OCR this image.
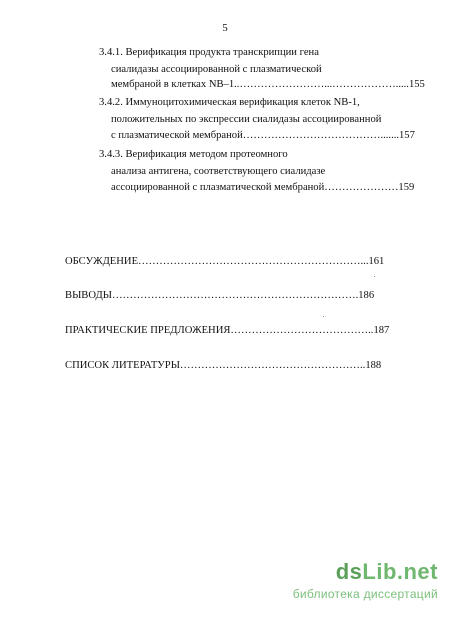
5
3.4.1. Верификация продукта транскрипции гена
сиалидазы ассоциированной с плазматической
мембраной в клетках NB–1..……………………...……………….....155
3.4.2. Иммуноцитохимическая верификация клеток NB-1,
положительных по экспрессии сиалидазы ассоциированной
с плазматической мембраной………………………………….......157
3.4.3. Верификация методом протеомного
анализа антигена, соответствующего сиалидазе
ассоциированной с плазматической мембраной…………………159
ОБСУЖДЕНИЕ………………………………………………………...161
ВЫВОДЫ…………………………………………………………….186
ПРАКТИЧЕСКИЕ ПРЕДЛОЖЕНИЯ…………………………………..187
СПИСОК ЛИТЕРАТУРЫ……………………………………………..188
dsLib.net
библиотека диссертаций
